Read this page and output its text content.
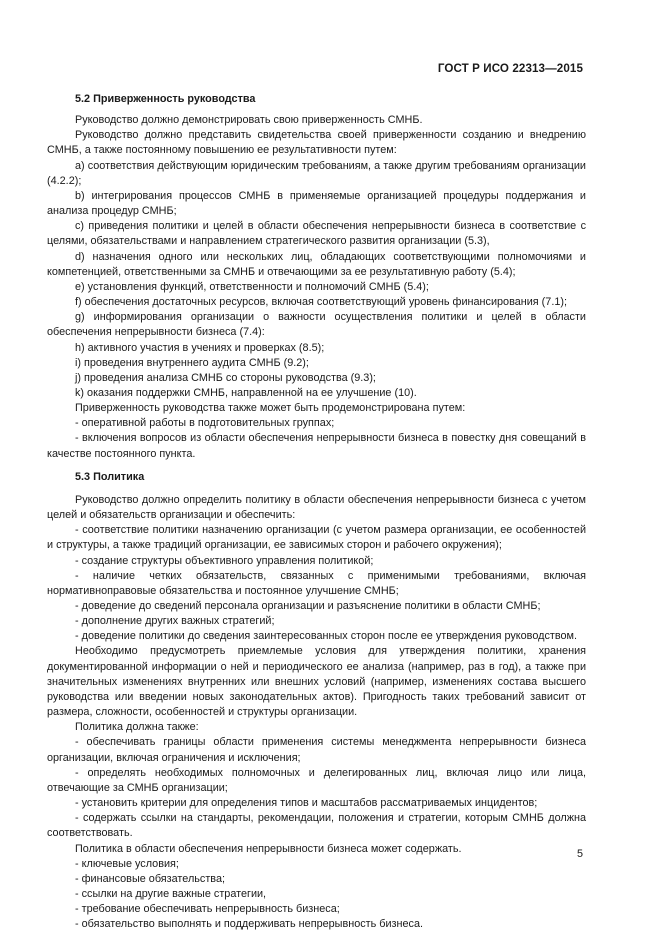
ГОСТ Р ИСО 22313—2015

5.2 Приверженность руководства

Руководство должно демонстрировать свою приверженность СМНБ.

Руководство должно представить свидетельства своей приверженности созданию и внедрению СМНБ, а также постоянному повышению ее результативности путем:

a) соответствия действующим юридическим требованиям, а также другим требованиям организации (4.2.2);

b) интегрирования процессов СМНБ в применяемые организацией процедуры поддержания и анализа процедур СМНБ;

c) приведения политики и целей в области обеспечения непрерывности бизнеса в соответствие с целями, обязательствами и направлением стратегического развития организации (5.3),

d) назначения одного или нескольких лиц, обладающих соответствующими полномочиями и компетенцией, ответственными за СМНБ и отвечающими за ее результативную работу (5.4);

e) установления функций, ответственности и полномочий СМНБ (5.4);

f) обеспечения достаточных ресурсов, включая соответствующий уровень финансирования (7.1);

g) информирования организации о важности осуществления политики и целей в области обеспечения непрерывности бизнеса (7.4):

h) активного участия в учениях и проверках (8.5);

i) проведения внутреннего аудита СМНБ (9.2);

j) проведения анализа СМНБ со стороны руководства (9.3);

k) оказания поддержки СМНБ, направленной на ее улучшение (10).

Приверженность руководства также может быть продемонстрирована путем:

- оперативной работы в подготовительных группах;

- включения вопросов из области обеспечения непрерывности бизнеса в повестку дня совещаний в качестве постоянного пункта.

5.3 Политика

Руководство должно определить политику в области обеспечения непрерывности бизнеса с учетом целей и обязательств организации и обеспечить:

- соответствие политики назначению организации (с учетом размера организации, ее особенностей и структуры, а также традиций организации, ее зависимых сторон и рабочего окружения);

- создание структуры объективного управления политикой;

- наличие четких обязательств, связанных с применимыми требованиями, включая нормативноправовые обязательства и постоянное улучшение СМНБ;

- доведение до сведений персонала организации и разъяснение политики в области СМНБ;

- дополнение других важных стратегий;

- доведение политики до сведения заинтересованных сторон после ее утверждения руководством.

Необходимо предусмотреть приемлемые условия для утверждения политики, хранения документированной информации о ней и периодического ее анализа (например, раз в год), а также при значительных изменениях внутренних или внешних условий (например, изменениях состава высшего руководства или введении новых законодательных актов). Пригодность таких требований зависит от размера, сложности, особенностей и структуры организации.

Политика должна также:

- обеспечивать границы области применения системы менеджмента непрерывности бизнеса организации, включая ограничения и исключения;

- определять необходимых полномочных и делегированных лиц, включая лицо или лица, отвечающие за СМНБ организации;

- установить критерии для определения типов и масштабов рассматриваемых инцидентов;

- содержать ссылки на стандарты, рекомендации, положения и стратегии, которым СМНБ должна соответствовать.

Политика в области обеспечения непрерывности бизнеса может содержать.

- ключевые условия;

- финансовые обязательства;

- ссылки на другие важные стратегии,

- требование обеспечивать непрерывность бизнеса;

- обязательство выполнять и поддерживать непрерывность бизнеса.

5
